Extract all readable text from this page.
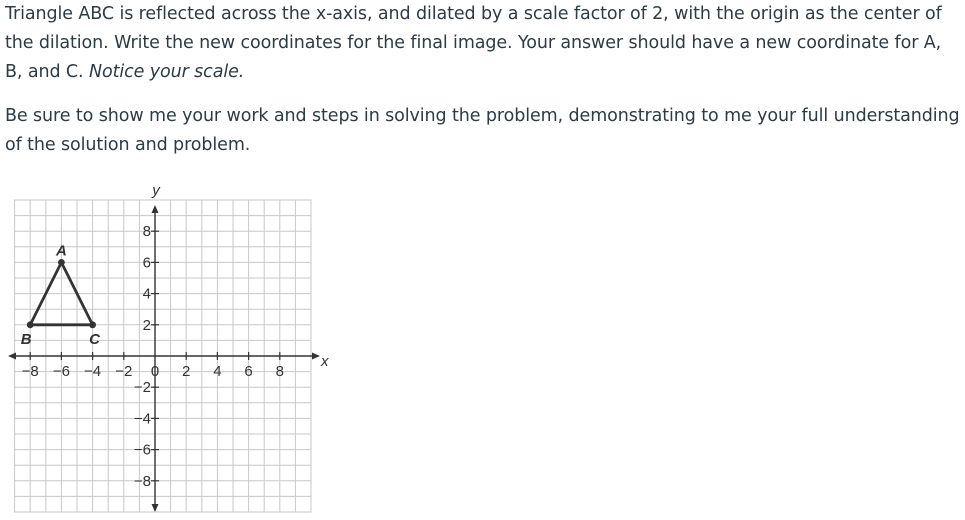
Triangle ABC is reflected across the x-axis, and dilated by a scale factor of 2, with the origin as the center of the dilation. Write the new coordinates for the final image. Your answer should have a new coordinate for A, B, and C. Notice your scale.

Be sure to show me your work and steps in solving the problem, demonstrating to me your full understanding of the solution and problem.

−8 −6 −4 −2 0 2 4 6 8
8
6
4
2
−2
−4
−6
−8
x
y
A
B	C
